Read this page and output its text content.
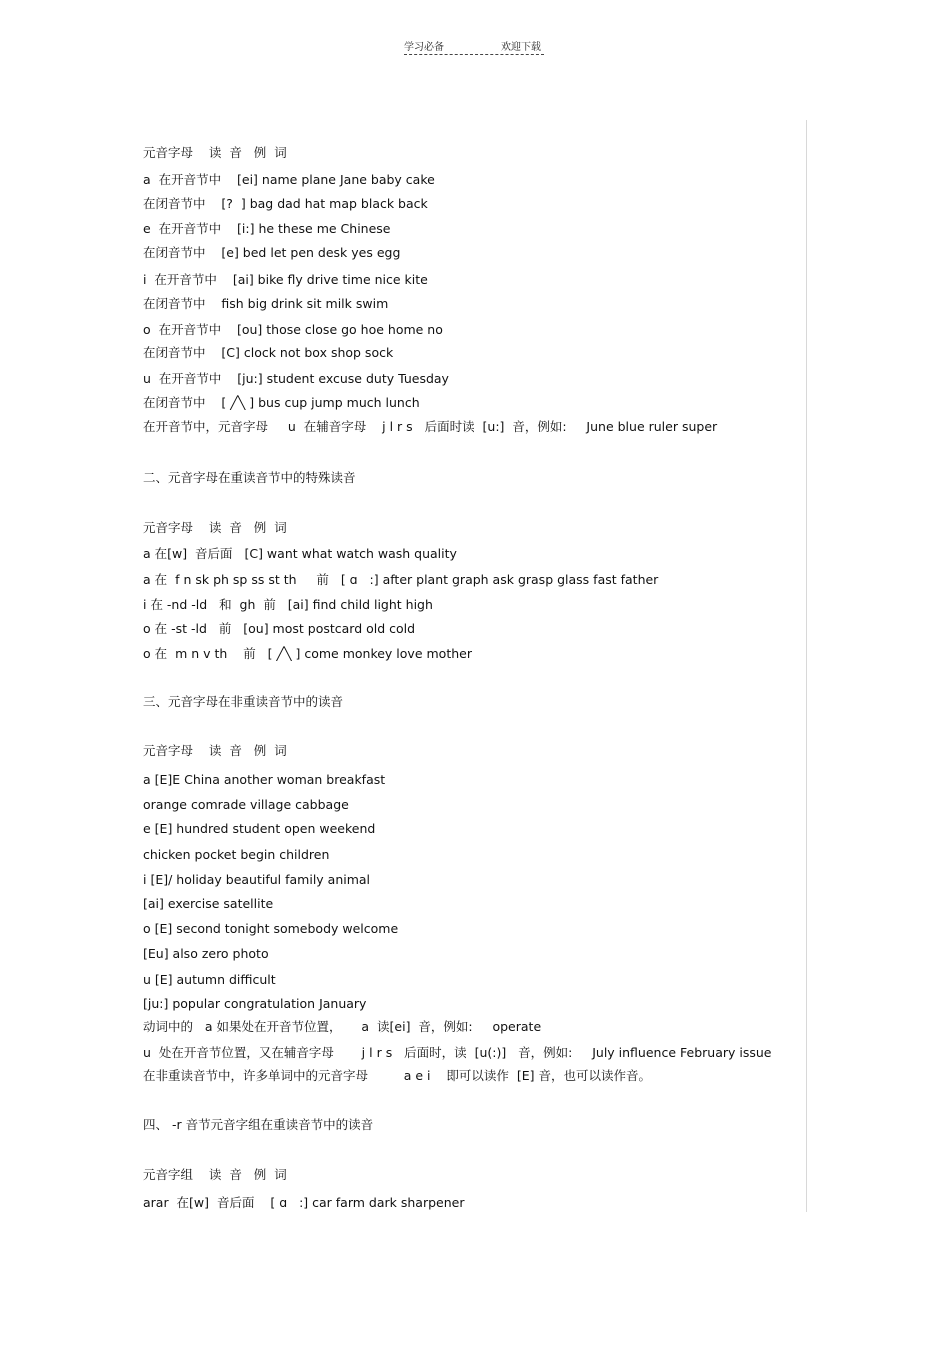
学习必备	欢迎下载
元音字母    读  音   例  词
a  在开音节中    [ei] name plane Jane baby cake
在闭音节中    [?  ] bag dad hat map black back
e  在开音节中    [i:] he these me Chinese
在闭音节中    [e] bed let pen desk yes egg
i  在开音节中    [ai] bike fly drive time nice kite
在闭音节中    fish big drink sit milk swim
o  在开音节中    [ou] those close go hoe home no
在闭音节中    [C] clock not box shop sock
u  在开音节中    [ju:] student excuse duty Tuesday
在闭音节中    [ ╱╲ ] bus cup jump much lunch
在开音节中，元音字母     u  在辅音字母    j l r s   后面时读  [u:]  音，例如:     June blue ruler super
二、元音字母在重读音节中的特殊读音
元音字母    读  音   例  词
a 在[w]  音后面   [C] want what watch wash quality
a 在  f n sk ph sp ss st th     前   [ ɑ   :] after plant graph ask grasp glass fast father
i 在 -nd -ld   和  gh  前   [ai] find child light high
o 在 -st -ld   前   [ou] most postcard old cold
o 在  m n v th    前   [ ╱╲ ] come monkey love mother
三、元音字母在非重读音节中的读音
元音字母    读  音   例  词
a [E]E China another woman breakfast
orange comrade village cabbage
e [E] hundred student open weekend
chicken pocket begin children
i [E]/ holiday beautiful family animal
[ai] exercise satellite
o [E] second tonight somebody welcome
[Eu] also zero photo
u [E] autumn difficult
[ju:] popular congratulation January
动词中的   a 如果处在开音节位置，     a  读[ei]  音，例如:     operate
u  处在开音节位置，又在辅音字母       j l r s   后面时，读  [u(:)]   音，例如:     July influence February issue
在非重读音节中，许多单词中的元音字母         a e i    即可以读作  [E] 音，也可以读作音。
四、 -r 音节元音字组在重读音节中的读音
元音字组    读  音   例  词
arar  在[w]  音后面    [ ɑ   :] car farm dark sharpener
